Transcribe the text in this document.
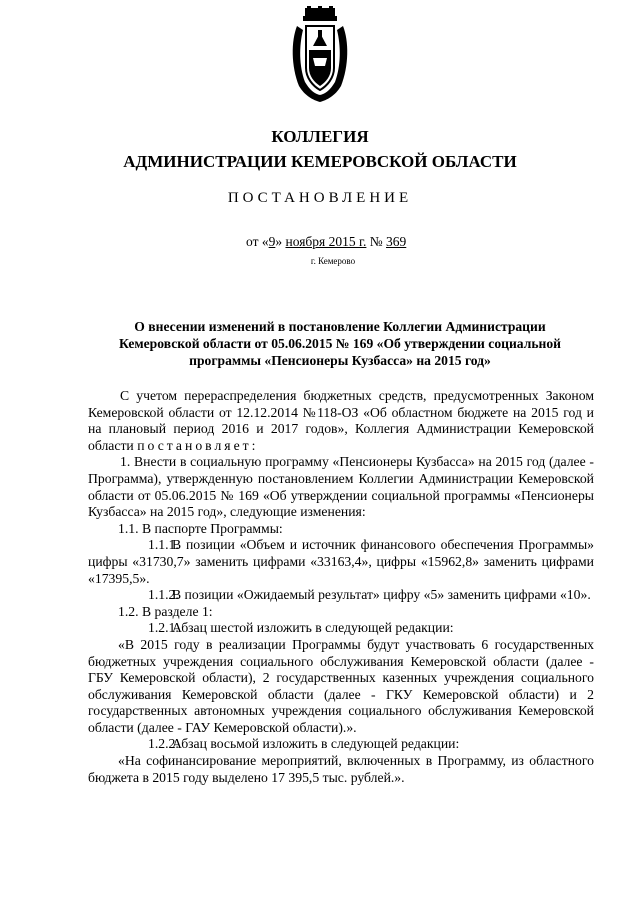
КОЛЛЕГИЯ
АДМИНИСТРАЦИИ КЕМЕРОВСКОЙ ОБЛАСТИ
ПОСТАНОВЛЕНИЕ
от «9» ноября 2015 г. № 369
г. Кемерово
О внесении изменений в постановление Коллегии Администрации
Кемеровской области от 05.06.2015 № 169 «Об утверждении социальной
программы «Пенсионеры Кузбасса» на 2015 год»

С учетом перераспределения бюджетных средств, предусмотренных Законом Кемеровской области от 12.12.2014 №118-ОЗ «Об областном бюджете на 2015 год и на плановый период 2016 и 2017 годов», Коллегия Администрации Кемеровской области постановляет:

1. Внести в социальную программу «Пенсионеры Кузбасса» на 2015 год (далее - Программа), утвержденную постановлением Коллегии Администрации Кемеровской области от 05.06.2015 № 169 «Об утверждении социальной программы «Пенсионеры Кузбасса» на 2015 год», следующие изменения:

1.1. В паспорте Программы:

1.1.1.В позиции «Объем и источник финансового обеспечения Программы» цифры «31730,7» заменить цифрами «33163,4», цифры «15962,8» заменить цифрами «17395,5».

1.1.2.В позиции «Ожидаемый результат» цифру «5» заменить цифрами «10».

1.2. В разделе 1:

1.2.1.Абзац шестой изложить в следующей редакции:

«В 2015 году в реализации Программы будут участвовать 6 государственных бюджетных учреждения социального обслуживания Кемеровской области (далее - ГБУ Кемеровской области), 2 государственных казенных учреждения социального обслуживания Кемеровской области (далее - ГКУ Кемеровской области) и 2 государственных автономных учреждения социального обслуживания Кемеровской области (далее - ГАУ Кемеровской области).».

1.2.2.Абзац восьмой изложить в следующей редакции:

«На софинансирование мероприятий, включенных в Программу, из областного бюджета в 2015 году выделено 17 395,5 тыс. рублей.».
